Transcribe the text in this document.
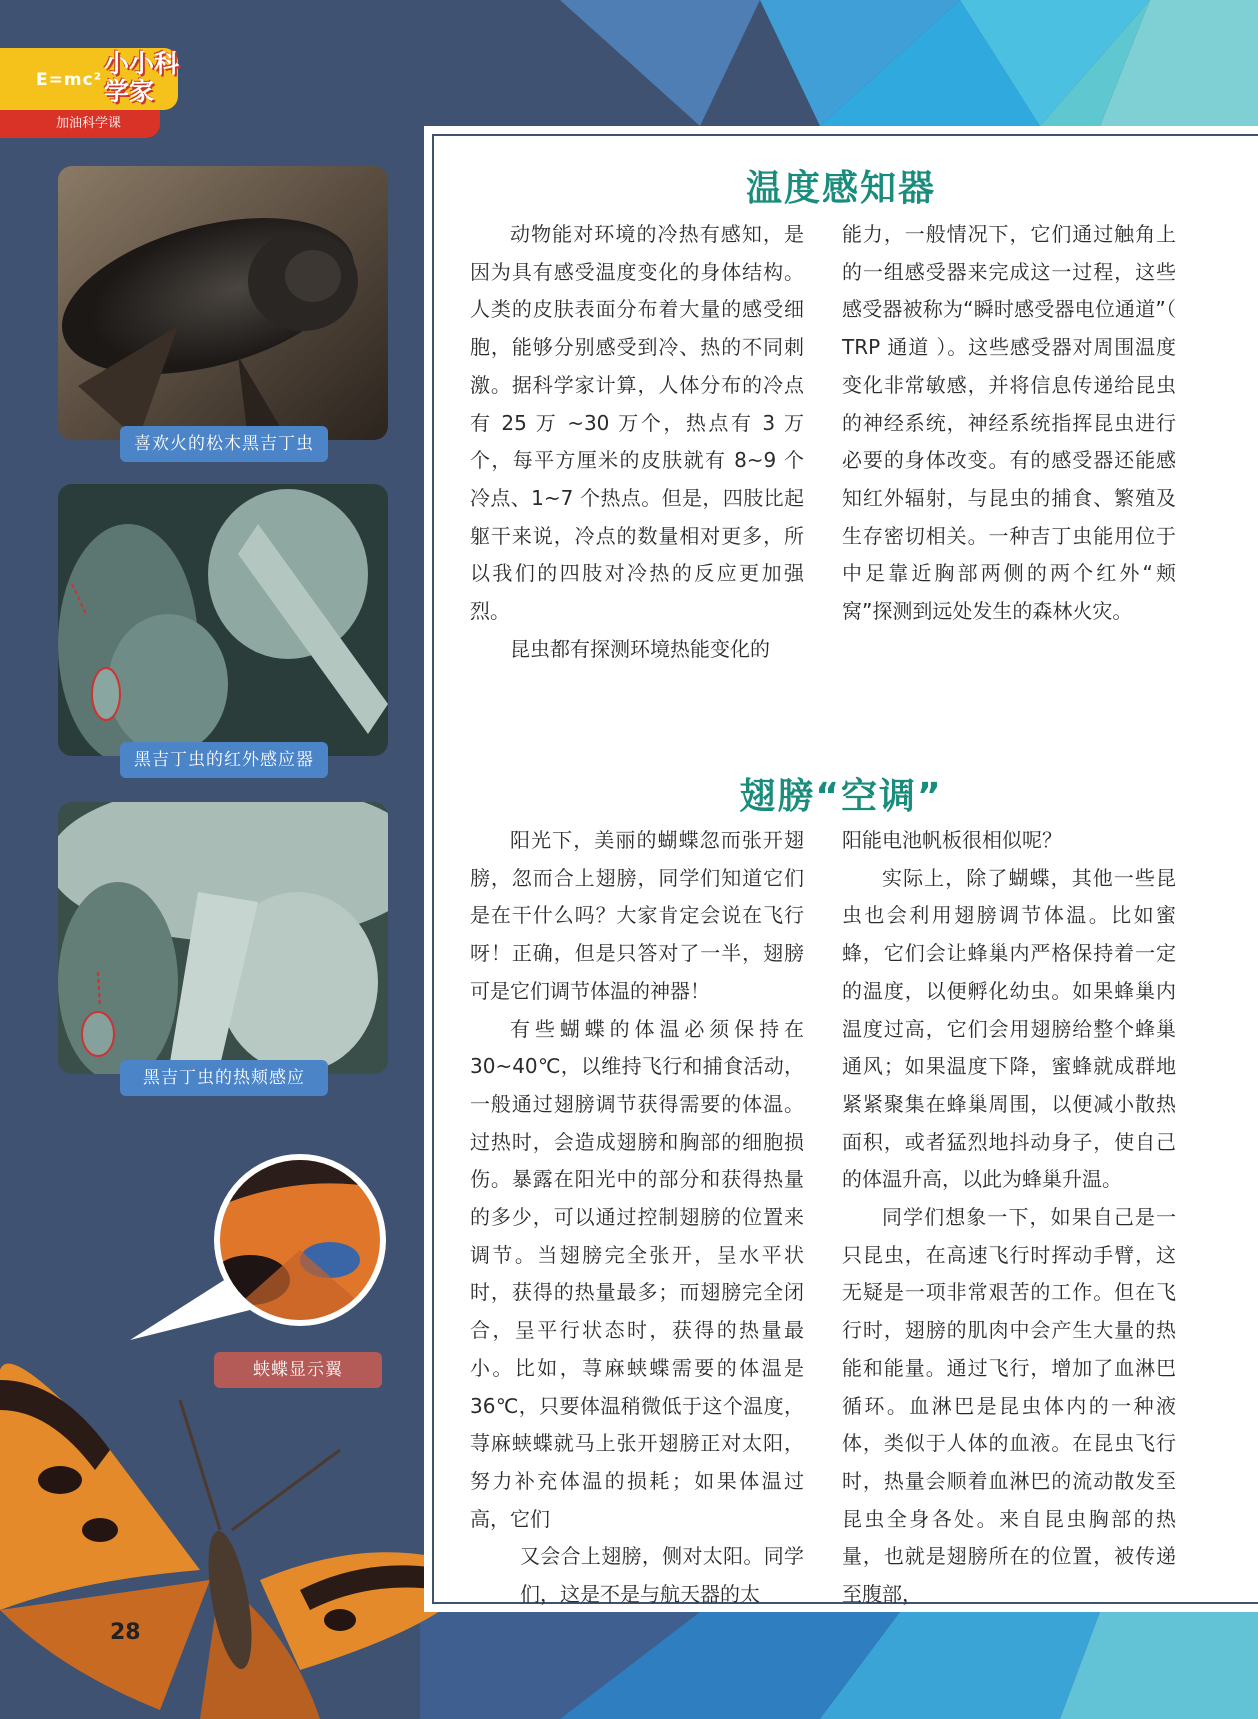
E=mc²
小小科学家
加油科学课
喜欢火的松木黑吉丁虫
黑吉丁虫的红外感应器
黑吉丁虫的热颊感应
蛱蝶显示翼
温度感知器

动物能对环境的冷热有感知，是因为具有感受温度变化的身体结构。人类的皮肤表面分布着大量的感受细胞，能够分别感受到冷、热的不同刺激。据科学家计算，人体分布的冷点有 25 万 ~30 万个，热点有 3 万个，每平方厘米的皮肤就有 8~9 个冷点、1~7 个热点。但是，四肢比起躯干来说，冷点的数量相对更多，所以我们的四肢对冷热的反应更加强烈。

昆虫都有探测环境热能变化的

能力，一般情况下，它们通过触角上的一组感受器来完成这一过程，这些感受器被称为“瞬时感受器电位通道”（ TRP 通道 ）。这些感受器对周围温度变化非常敏感，并将信息传递给昆虫的神经系统，神经系统指挥昆虫进行必要的身体改变。有的感受器还能感知红外辐射，与昆虫的捕食、繁殖及生存密切相关。一种吉丁虫能用位于中足靠近胸部两侧的两个红外“颊窝”探测到远处发生的森林火灾。

翅膀“空调”

阳光下，美丽的蝴蝶忽而张开翅膀，忽而合上翅膀，同学们知道它们是在干什么吗？大家肯定会说在飞行呀！正确，但是只答对了一半，翅膀可是它们调节体温的神器！

有些蝴蝶的体温必须保持在 30~40℃，以维持飞行和捕食活动，一般通过翅膀调节获得需要的体温。过热时，会造成翅膀和胸部的细胞损伤。暴露在阳光中的部分和获得热量的多少，可以通过控制翅膀的位置来调节。当翅膀完全张开，呈水平状时，获得的热量最多；而翅膀完全闭合，呈平行状态时，获得的热量最小。比如，荨麻蛱蝶需要的体温是 36℃，只要体温稍微低于这个温度，荨麻蛱蝶就马上张开翅膀正对太阳，努力补充体温的损耗；如果体温过高，它们

又会合上翅膀，侧对太阳。同学们，这是不是与航天器的太

阳能电池帆板很相似呢？

实际上，除了蝴蝶，其他一些昆虫也会利用翅膀调节体温。比如蜜蜂，它们会让蜂巢内严格保持着一定的温度，以便孵化幼虫。如果蜂巢内温度过高，它们会用翅膀给整个蜂巢通风；如果温度下降，蜜蜂就成群地紧紧聚集在蜂巢周围，以便减小散热面积，或者猛烈地抖动身子，使自己的体温升高，以此为蜂巢升温。

同学们想象一下，如果自己是一只昆虫，在高速飞行时挥动手臂，这无疑是一项非常艰苦的工作。但在飞行时，翅膀的肌肉中会产生大量的热能和能量。通过飞行，增加了血淋巴循环。血淋巴是昆虫体内的一种液体，类似于人体的血液。在昆虫飞行时，热量会顺着血淋巴的流动散发至昆虫全身各处。来自昆虫胸部的热量，也就是翅膀所在的位置，被传递至腹部，

28
